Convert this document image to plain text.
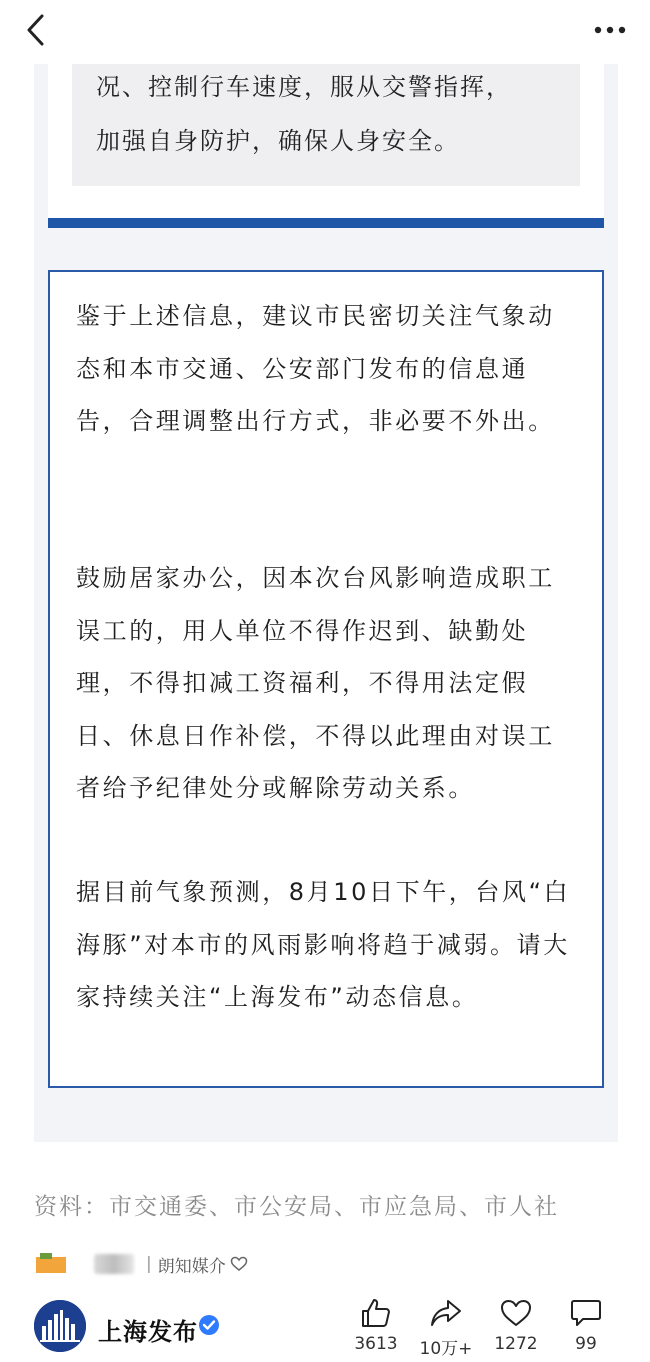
况、控制行车速度，服从交警指挥，
加强自身防护，确保人身安全。
鉴于上述信息，建议市民密切关注气象动态和本市交通、公安部门发布的信息通告，合理调整出行方式，非必要不外出。
鼓励居家办公，因本次台风影响造成职工误工的，用人单位不得作迟到、缺勤处理，不得扣减工资福利，不得用法定假日、休息日作补偿，不得以此理由对误工者给予纪律处分或解除劳动关系。
据目前气象预测，8月10日下午，台风“白海豚”对本市的风雨影响将趋于减弱。请大家持续关注“上海发布”动态信息。
资料：市交通委、市公安局、市应急局、市人社
| 朗知媒介
上海发布	3613	10万+	1272	99
